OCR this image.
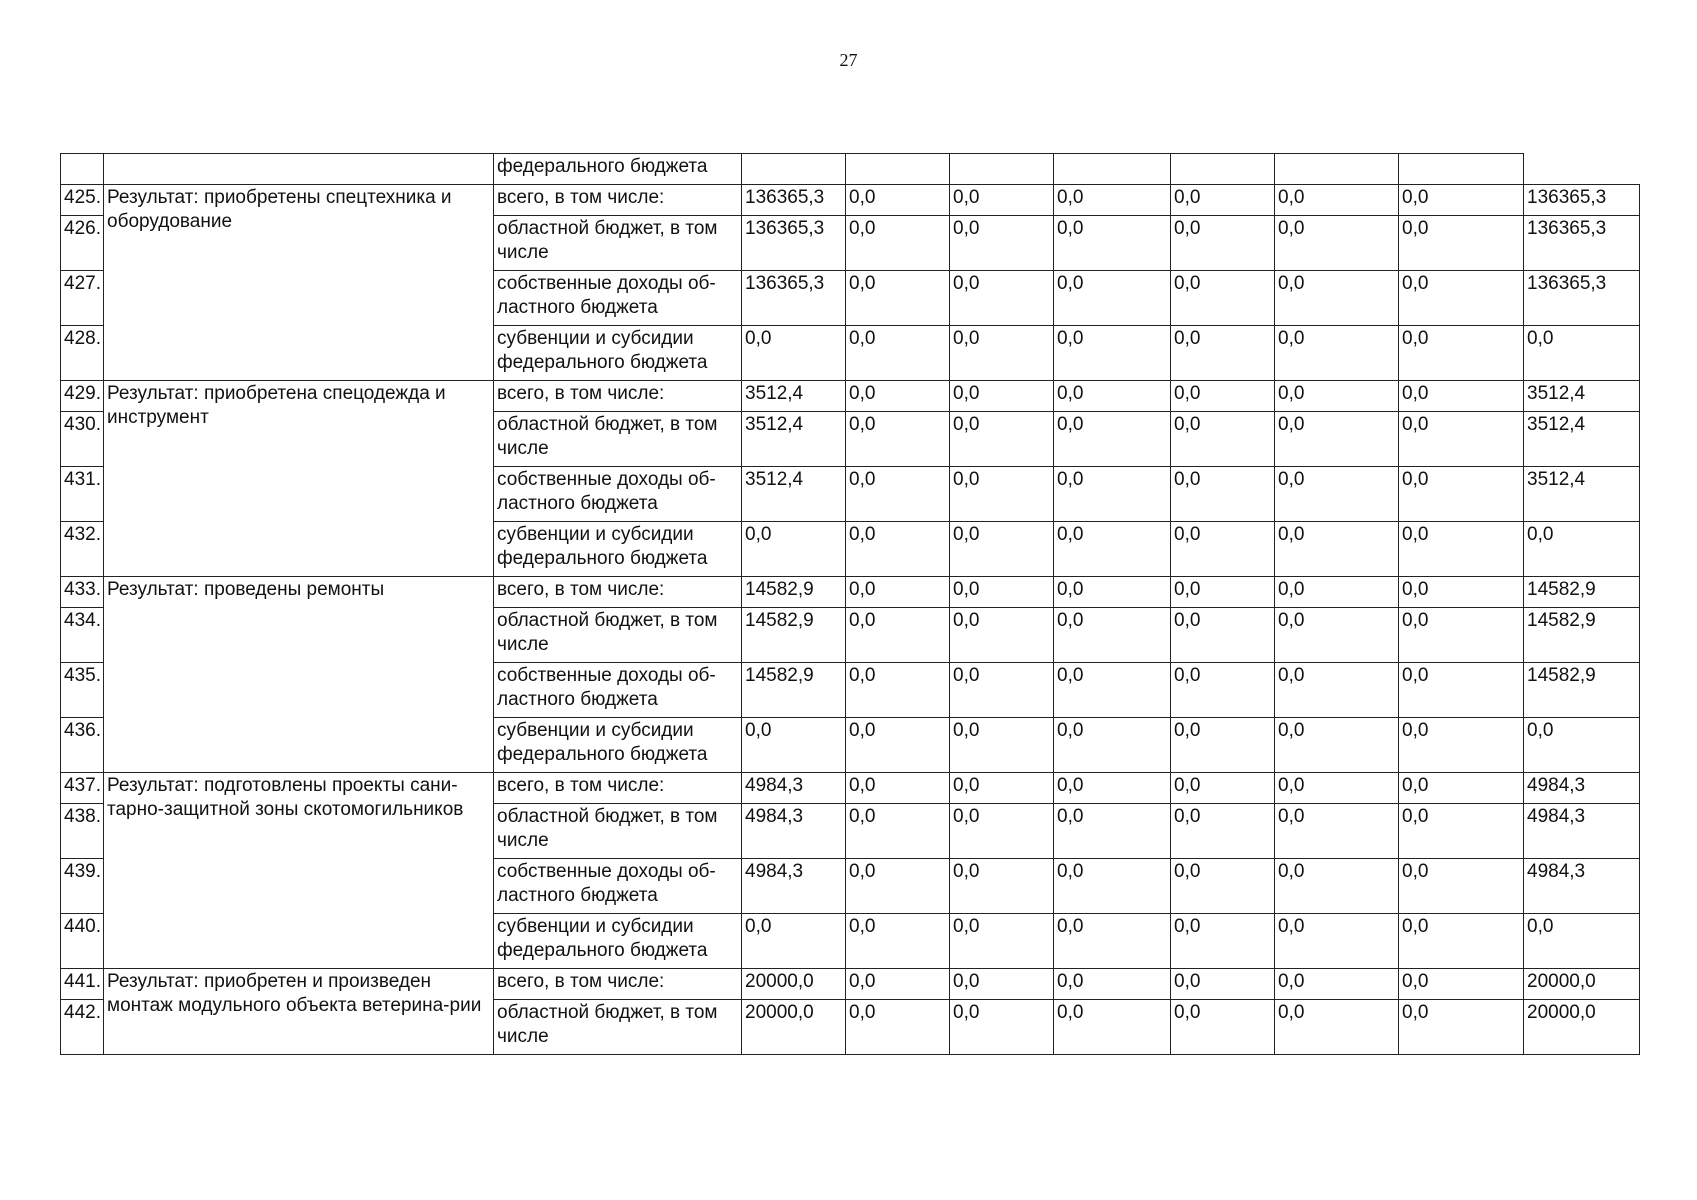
27
		федерального бюджета								
425.	Результат: приобретены спецтехника и оборудование	всего, в том числе:	136365,3	0,0	0,0	0,0	0,0	0,0	0,0	136365,3
426.		областной бюджет, в том числе	136365,3	0,0	0,0	0,0	0,0	0,0	0,0	136365,3
427.		собственные доходы об-ластного бюджета	136365,3	0,0	0,0	0,0	0,0	0,0	0,0	136365,3
428.		субвенции и субсидии федерального бюджета	0,0	0,0	0,0	0,0	0,0	0,0	0,0	0,0
429.	Результат: приобретена спецодежда и инструмент	всего, в том числе:	3512,4	0,0	0,0	0,0	0,0	0,0	0,0	3512,4
430.		областной бюджет, в том числе	3512,4	0,0	0,0	0,0	0,0	0,0	0,0	3512,4
431.		собственные доходы об-ластного бюджета	3512,4	0,0	0,0	0,0	0,0	0,0	0,0	3512,4
432.		субвенции и субсидии федерального бюджета	0,0	0,0	0,0	0,0	0,0	0,0	0,0	0,0
433.	Результат: проведены ремонты	всего, в том числе:	14582,9	0,0	0,0	0,0	0,0	0,0	0,0	14582,9
434.		областной бюджет, в том числе	14582,9	0,0	0,0	0,0	0,0	0,0	0,0	14582,9
435.		собственные доходы об-ластного бюджета	14582,9	0,0	0,0	0,0	0,0	0,0	0,0	14582,9
436.		субвенции и субсидии федерального бюджета	0,0	0,0	0,0	0,0	0,0	0,0	0,0	0,0
437.	Результат: подготовлены проекты сани-тарно-защитной зоны скотомогильников	всего, в том числе:	4984,3	0,0	0,0	0,0	0,0	0,0	0,0	4984,3
438.		областной бюджет, в том числе	4984,3	0,0	0,0	0,0	0,0	0,0	0,0	4984,3
439.		собственные доходы об-ластного бюджета	4984,3	0,0	0,0	0,0	0,0	0,0	0,0	4984,3
440.		субвенции и субсидии федерального бюджета	0,0	0,0	0,0	0,0	0,0	0,0	0,0	0,0
441.	Результат: приобретен и произведен монтаж модульного объекта ветерина-рии	всего, в том числе:	20000,0	0,0	0,0	0,0	0,0	0,0	0,0	20000,0
442.		областной бюджет, в том числе	20000,0	0,0	0,0	0,0	0,0	0,0	0,0	20000,0
